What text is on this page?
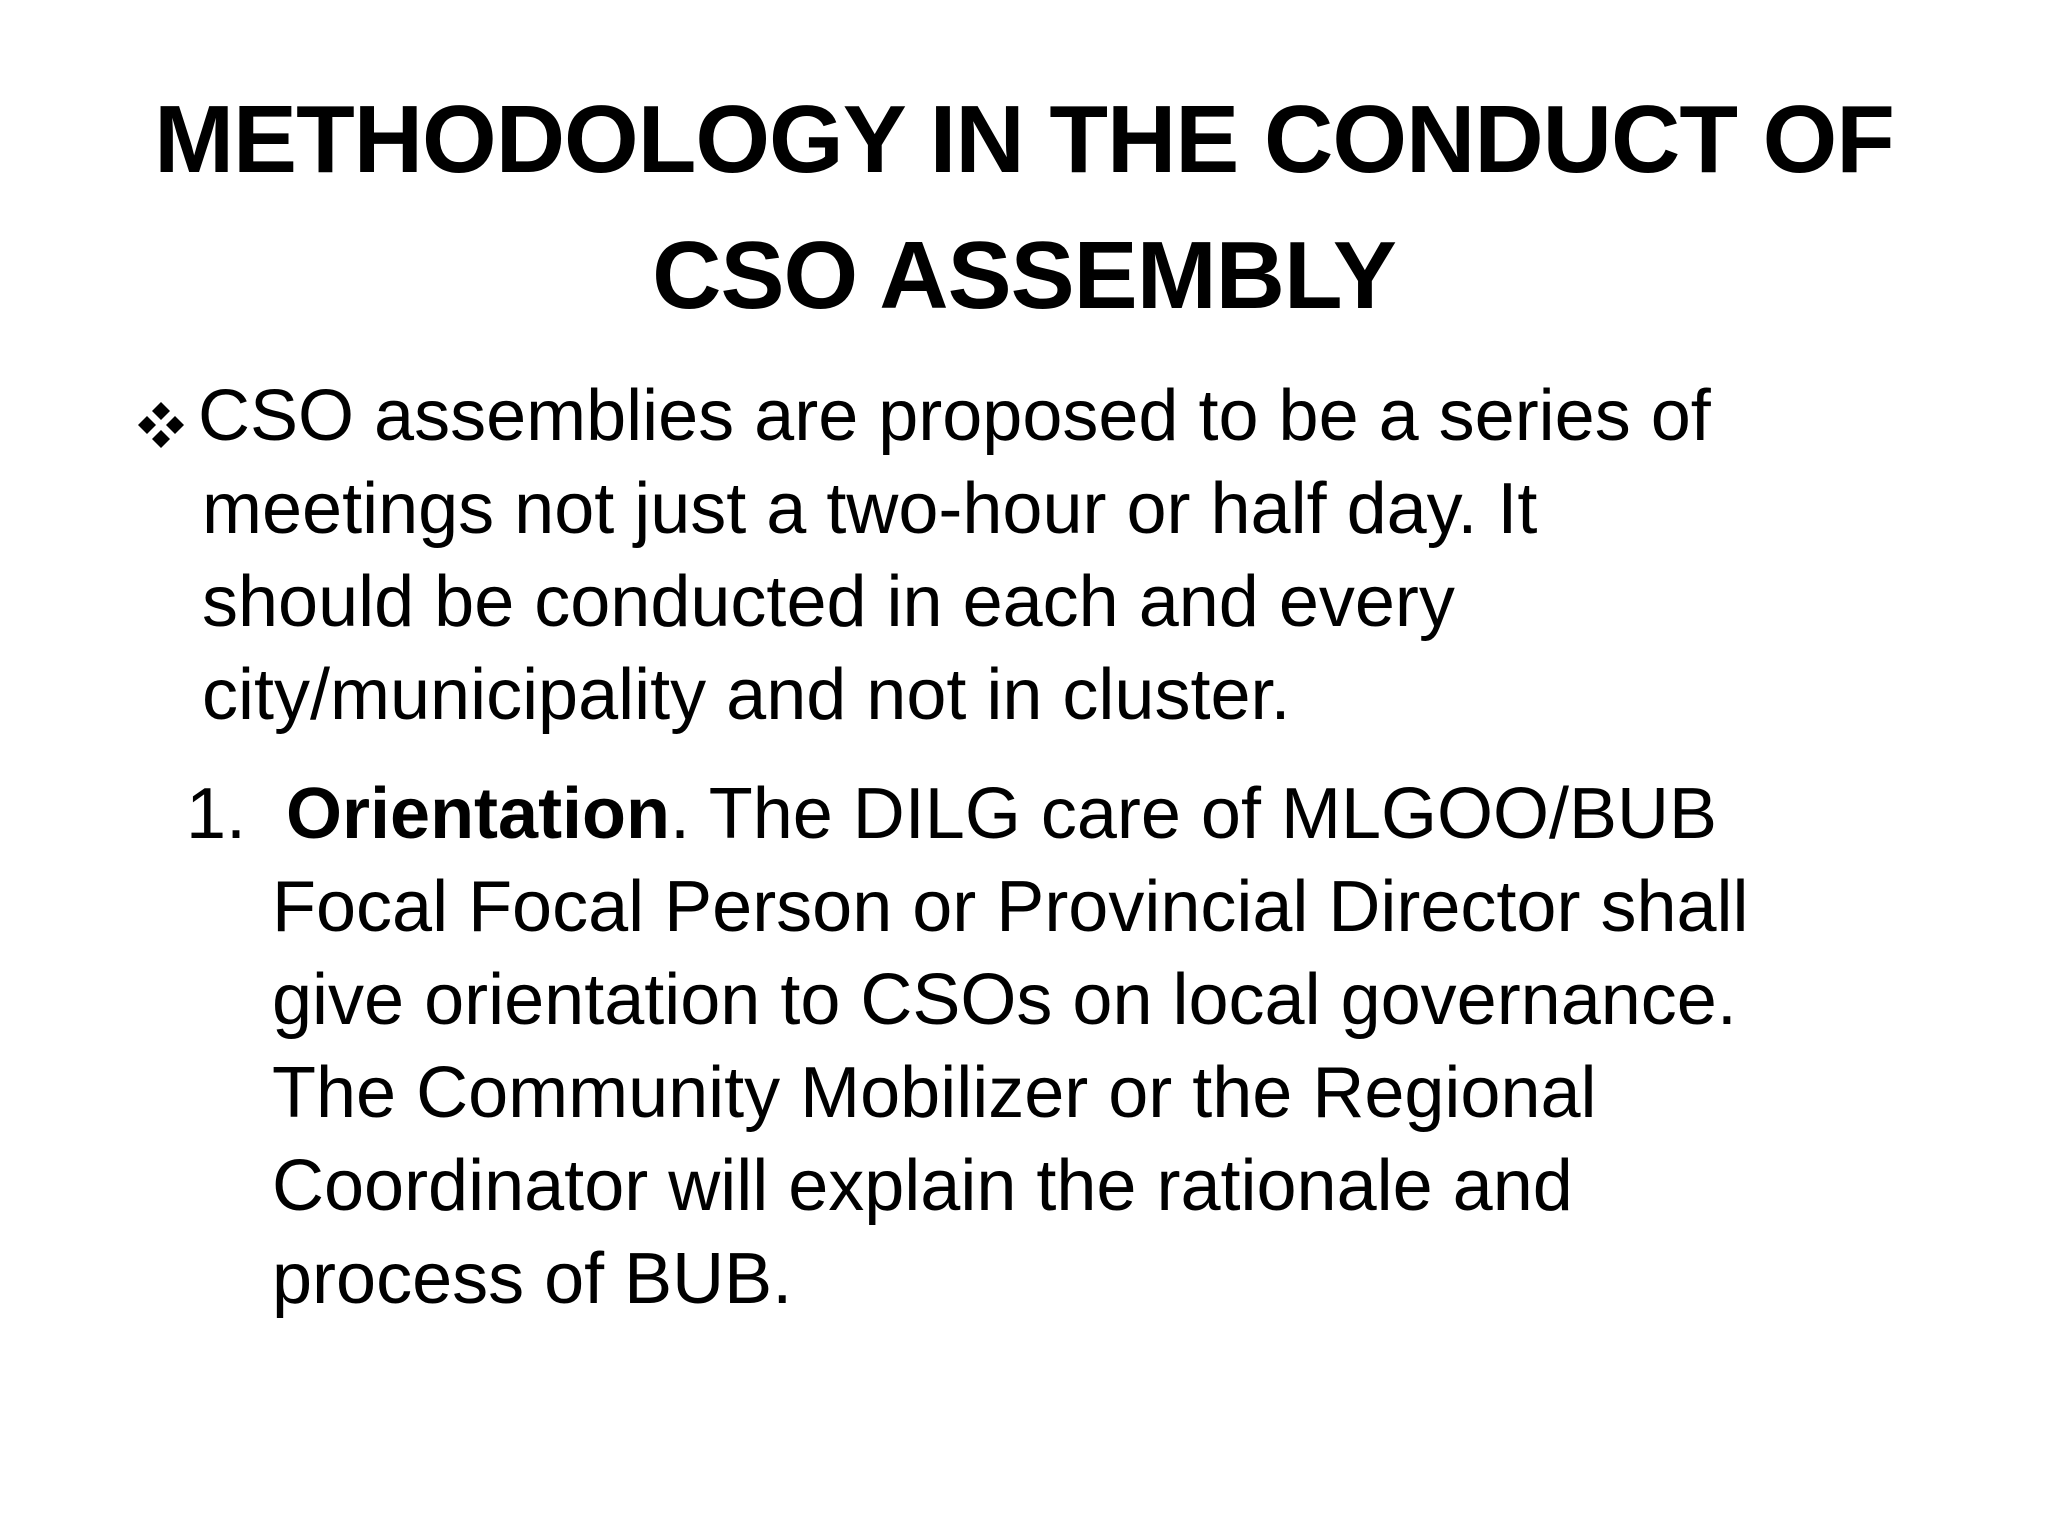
METHODOLOGY IN THE CONDUCT OF
CSO ASSEMBLY
CSO assemblies are proposed to be a series of
meetings not just a two-hour or half day. It
should be conducted in each and every
city/municipality and not in cluster.
1. Orientation. The DILG care of MLGOO/BUB
Focal Focal Person or Provincial Director shall
give orientation to CSOs on local governance.
The Community Mobilizer or the Regional
Coordinator will explain the rationale and
process of BUB.
